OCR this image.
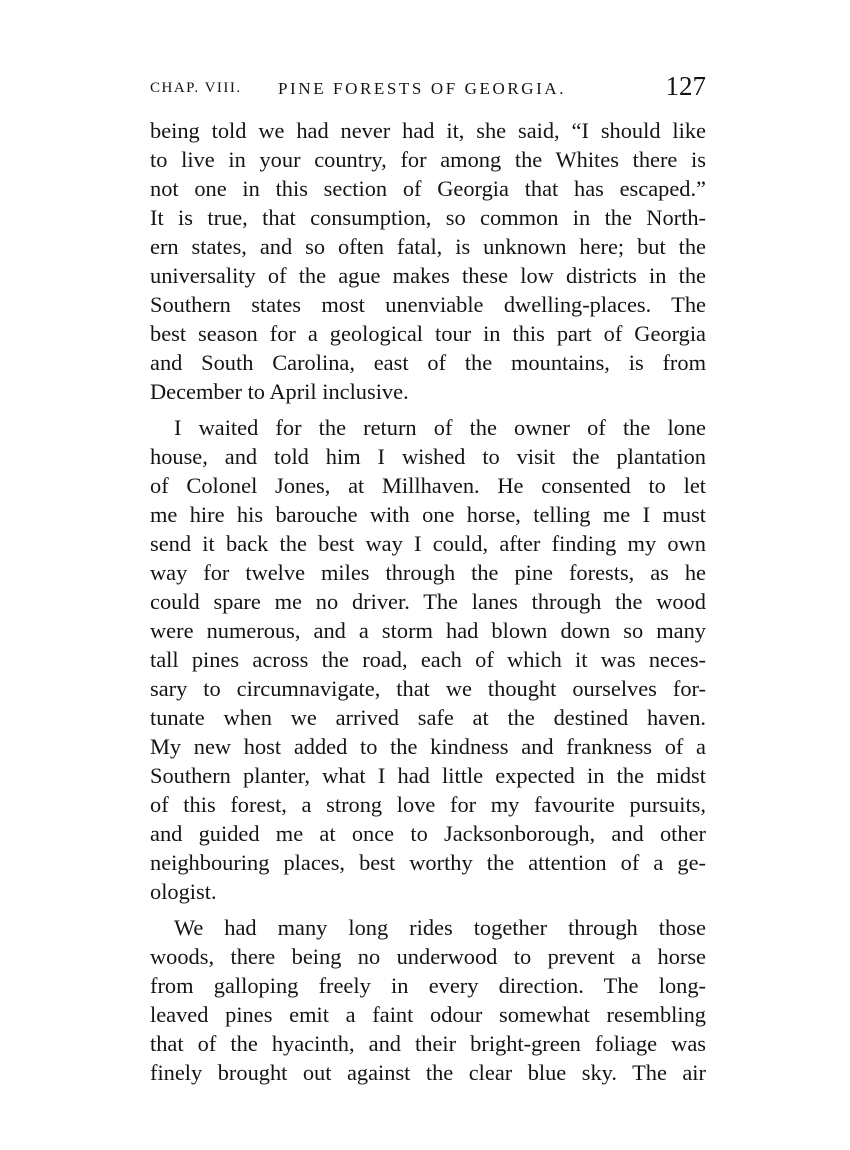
CHAP. VIII. PINE FORESTS OF GEORGIA.	127
being told we had never had it, she said, “I should like
to live in your country, for among the Whites there is
not one in this section of Georgia that has escaped.”
It is true, that consumption, so common in the North-
ern states, and so often fatal, is unknown here; but the
universality of the ague makes these low districts in the
Southern states most unenviable dwelling-places. The
best season for a geological tour in this part of Georgia
and South Carolina, east of the mountains, is from
December to April inclusive.
I waited for the return of the owner of the lone
house, and told him I wished to visit the plantation
of Colonel Jones, at Millhaven. He consented to let
me hire his barouche with one horse, telling me I must
send it back the best way I could, after finding my own
way for twelve miles through the pine forests, as he
could spare me no driver. The lanes through the wood
were numerous, and a storm had blown down so many
tall pines across the road, each of which it was neces-
sary to circumnavigate, that we thought ourselves for-
tunate when we arrived safe at the destined haven.
My new host added to the kindness and frankness of a
Southern planter, what I had little expected in the midst
of this forest, a strong love for my favourite pursuits,
and guided me at once to Jacksonborough, and other
neighbouring places, best worthy the attention of a ge-
ologist.
We had many long rides together through those
woods, there being no underwood to prevent a horse
from galloping freely in every direction. The long-
leaved pines emit a faint odour somewhat resembling
that of the hyacinth, and their bright-green foliage was
finely brought out against the clear blue sky. The air
